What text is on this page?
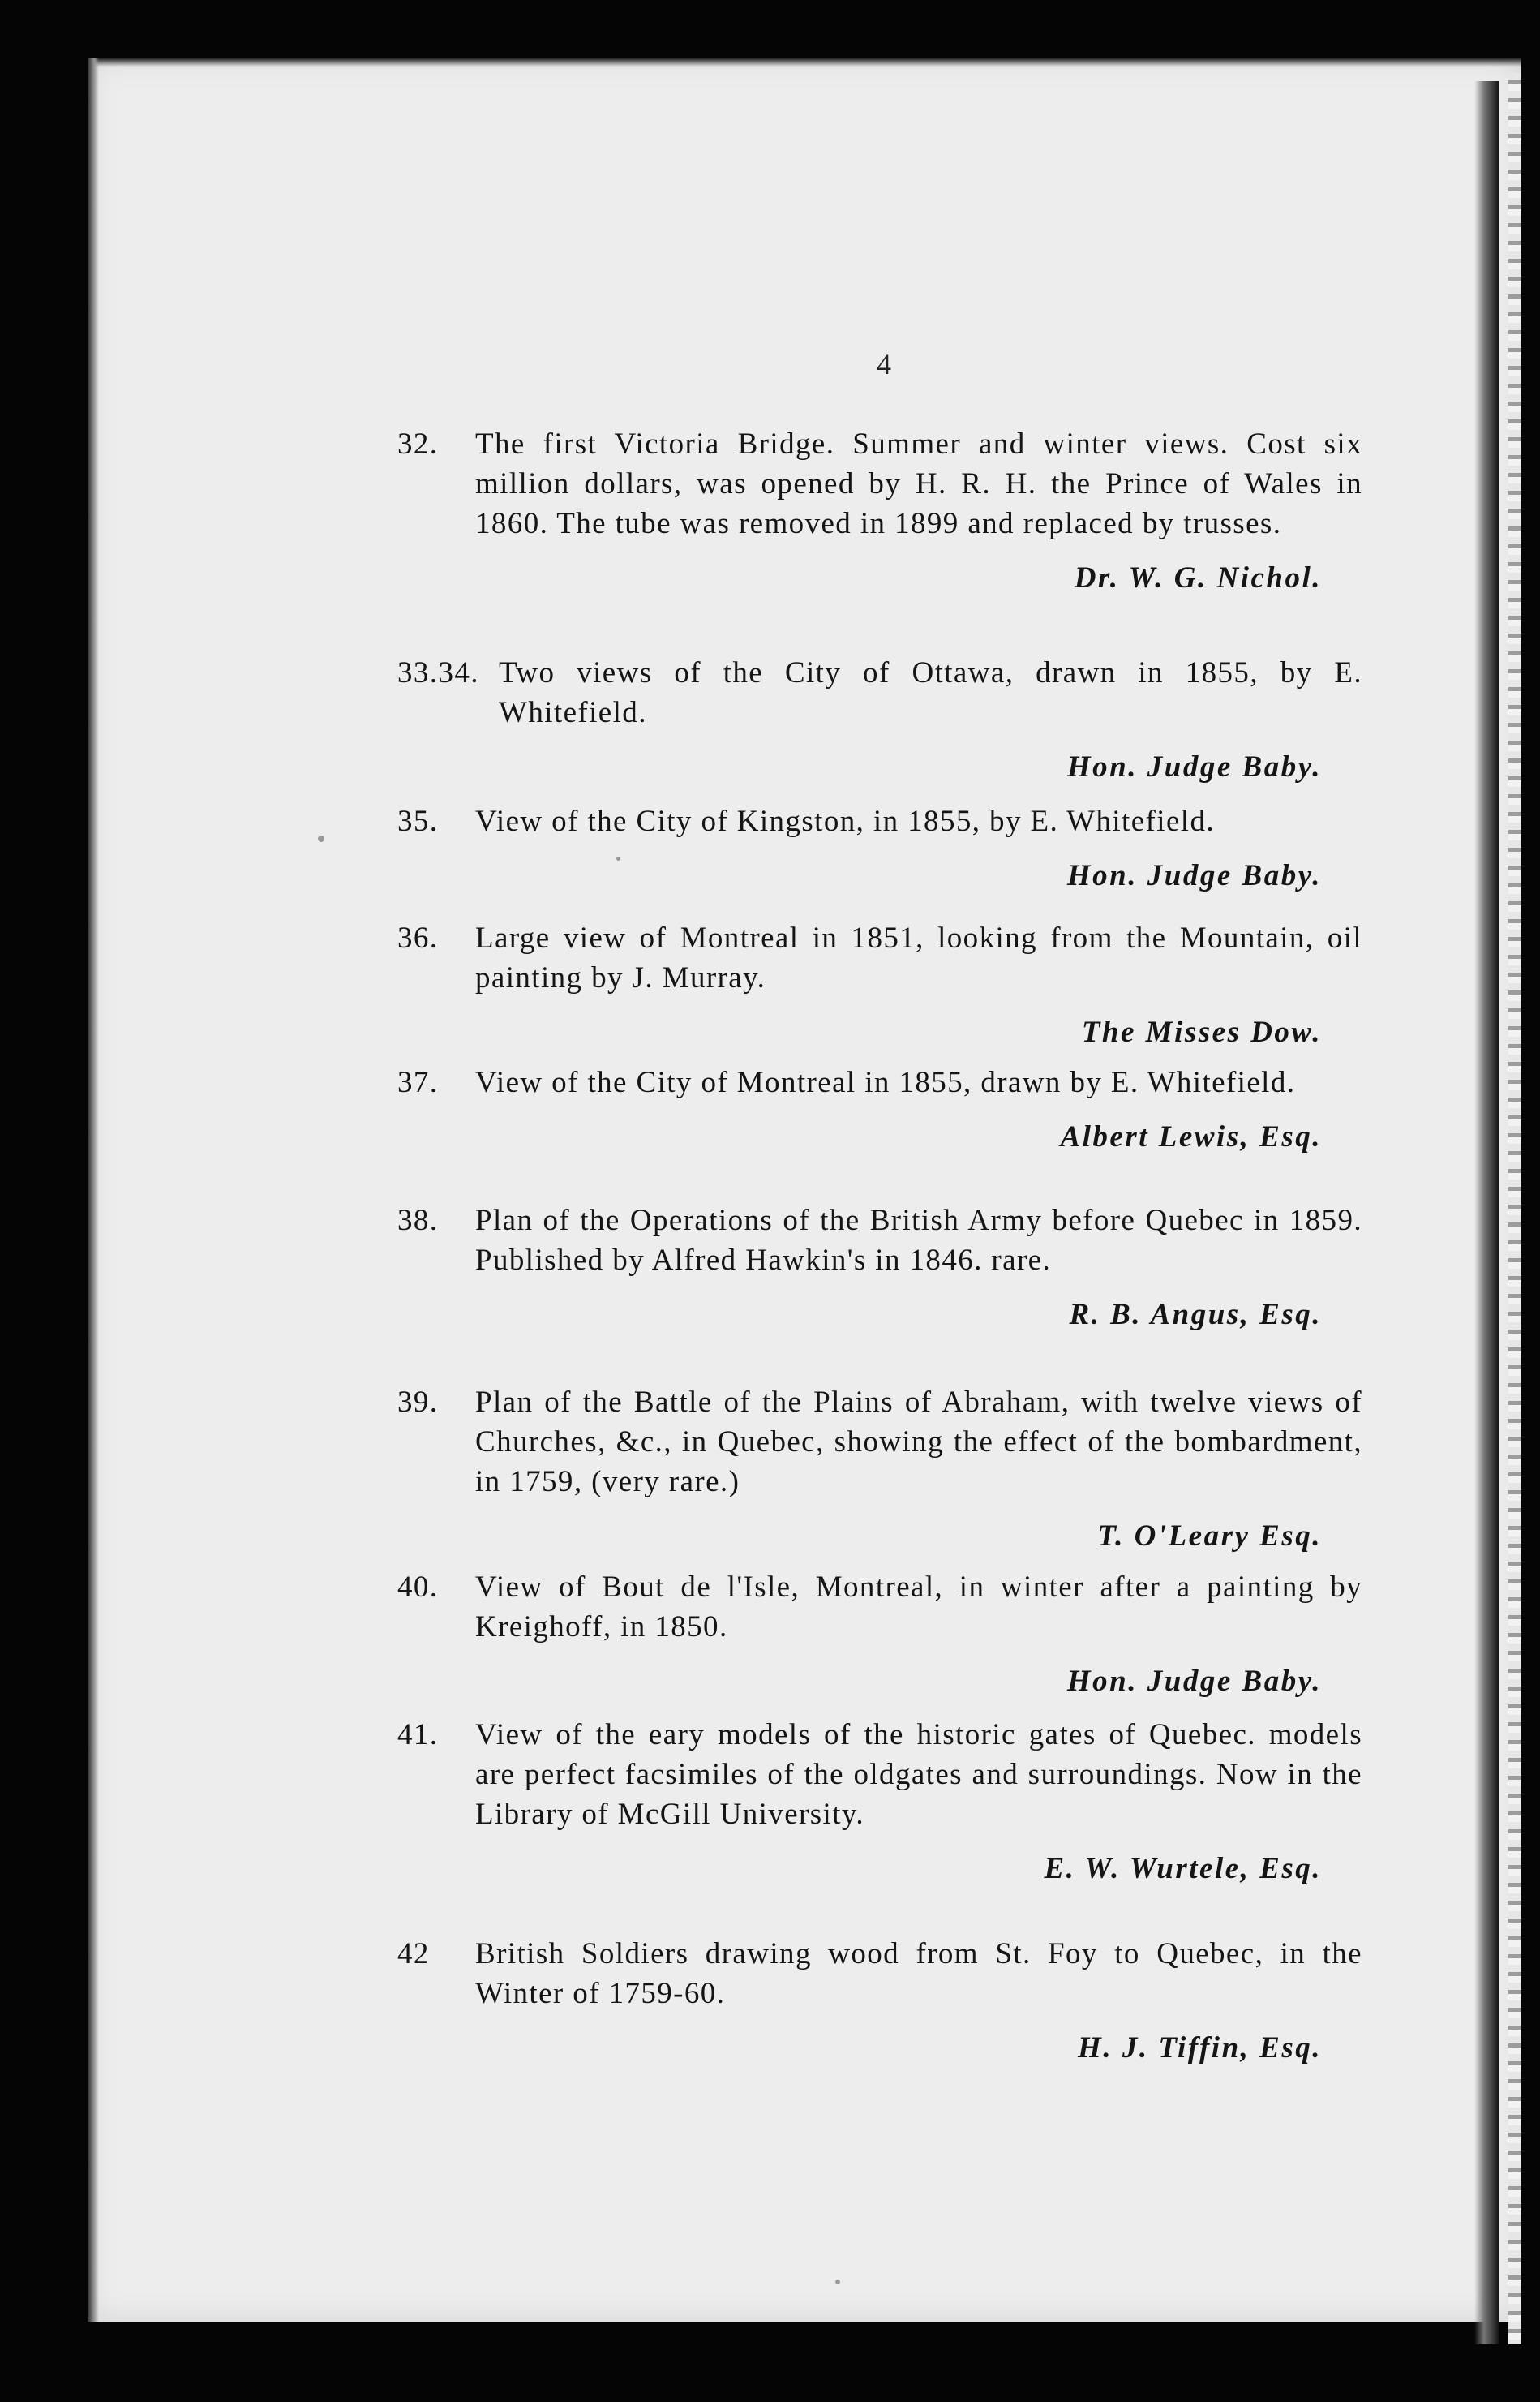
4
32. The first Victoria Bridge. Summer and winter views. Cost six million dollars, was opened by H. R. H. the Prince of Wales in 1860. The tube was removed in 1899 and replaced by trusses.
Dr. W. G. Nichol.
33.34. Two views of the City of Ottawa, drawn in 1855, by E. Whitefield.
Hon. Judge Baby.
35. View of the City of Kingston, in 1855, by E. Whitefield.
Hon. Judge Baby.
36. Large view of Montreal in 1851, looking from the Mountain, oil painting by J. Murray.
The Misses Dow.
37. View of the City of Montreal in 1855, drawn by E. Whitefield.
Albert Lewis, Esq.
38. Plan of the Operations of the British Army before Quebec in 1859. Published by Alfred Hawkin's in 1846. rare.
R. B. Angus, Esq.
39. Plan of the Battle of the Plains of Abraham, with twelve views of Churches, &c., in Quebec, showing the effect of the bombardment, in 1759, (very rare.)
T. O'Leary Esq.
40. View of Bout de l'Isle, Montreal, in winter after a painting by Kreighoff, in 1850.
Hon. Judge Baby.
41. View of the eary models of the historic gates of Quebec. models are perfect facsimiles of the oldgates and surroundings. Now in the Library of McGill University.
E. W. Wurtele, Esq.
42 British Soldiers drawing wood from St. Foy to Quebec, in the Winter of 1759-60.
H. J. Tiffin, Esq.
